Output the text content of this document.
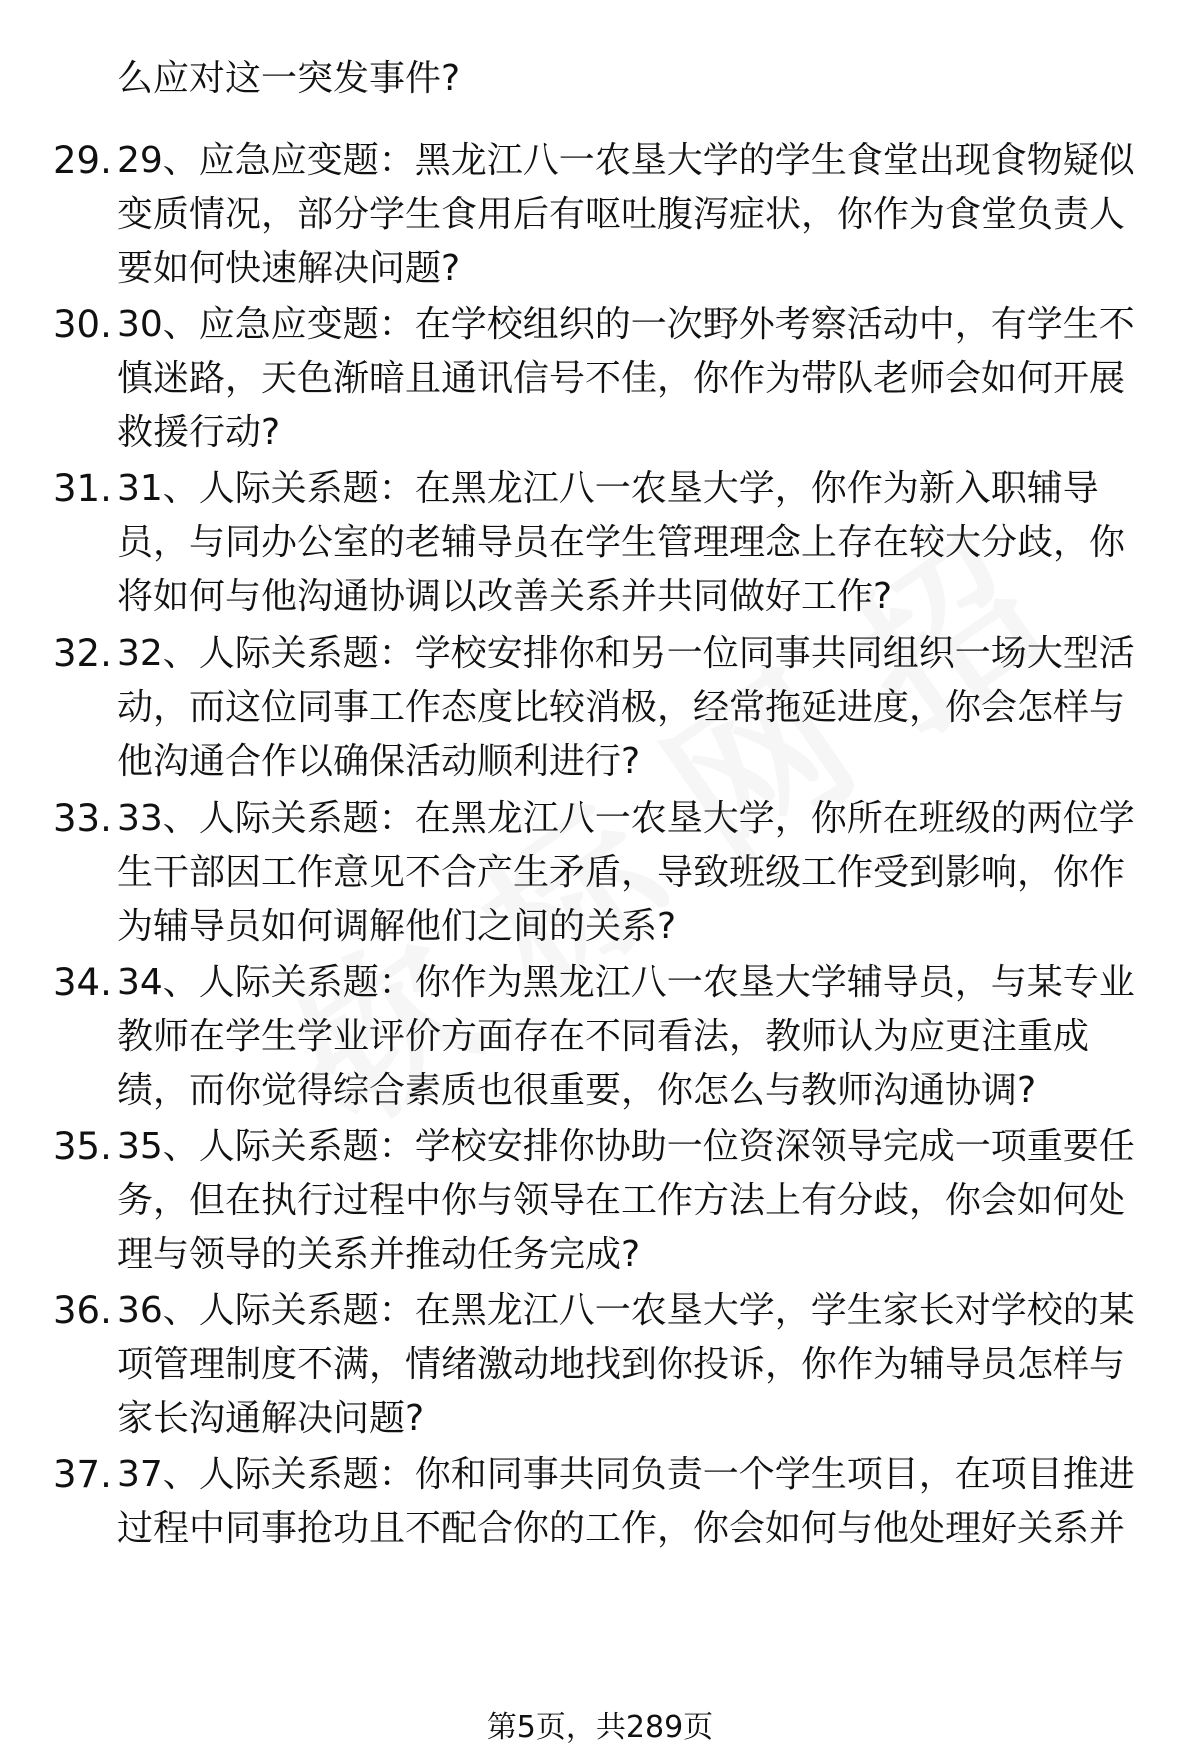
么应对这一突发事件?
29. 29、应急应变题：黑龙江八一农垦大学的学生食堂出现食物疑似
变质情况，部分学生食用后有呕吐腹泻症状，你作为食堂负责人
要如何快速解决问题?
30. 30、应急应变题：在学校组织的一次野外考察活动中，有学生不
慎迷路，天色渐暗且通讯信号不佳，你作为带队老师会如何开展
救援行动?
31. 31、人际关系题：在黑龙江八一农垦大学，你作为新入职辅导
员，与同办公室的老辅导员在学生管理理念上存在较大分歧，你
将如何与他沟通协调以改善关系并共同做好工作?
32. 32、人际关系题：学校安排你和另一位同事共同组织一场大型活
动，而这位同事工作态度比较消极，经常拖延进度，你会怎样与
他沟通合作以确保活动顺利进行?
33. 33、人际关系题：在黑龙江八一农垦大学，你所在班级的两位学
生干部因工作意见不合产生矛盾，导致班级工作受到影响，你作
为辅导员如何调解他们之间的关系?
34. 34、人际关系题：你作为黑龙江八一农垦大学辅导员，与某专业
教师在学生学业评价方面存在不同看法，教师认为应更注重成
绩，而你觉得综合素质也很重要，你怎么与教师沟通协调?
35. 35、人际关系题：学校安排你协助一位资深领导完成一项重要任
务，但在执行过程中你与领导在工作方法上有分歧，你会如何处
理与领导的关系并推动任务完成?
36. 36、人际关系题：在黑龙江八一农垦大学，学生家长对学校的某
项管理制度不满，情绪激动地找到你投诉，你作为辅导员怎样与
家长沟通解决问题?
37. 37、人际关系题：你和同事共同负责一个学生项目，在项目推进
过程中同事抢功且不配合你的工作，你会如何与他处理好关系并
第5页，共289页
